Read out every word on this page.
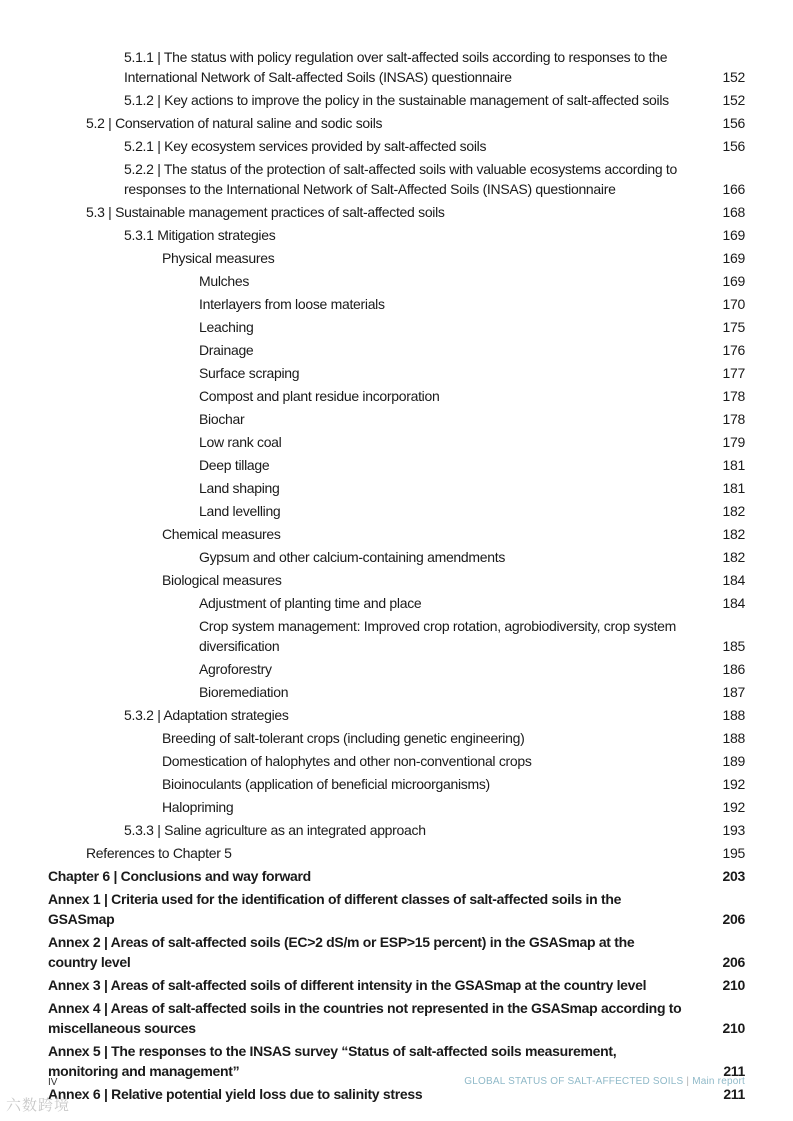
5.1.1 | The status with policy regulation over salt-affected soils according to responses to the International Network of Salt-affected Soils (INSAS) questionnaire	152
5.1.2 | Key actions to improve the policy in the sustainable management of salt-affected soils	152
5.2 | Conservation of natural saline and sodic soils	156
5.2.1 | Key ecosystem services provided by salt-affected soils	156
5.2.2 | The status of the protection of salt-affected soils with valuable ecosystems according to responses to the International Network of Salt-Affected Soils (INSAS) questionnaire	166
5.3 | Sustainable management practices of salt-affected soils	168
5.3.1 Mitigation strategies	169
Physical measures	169
Mulches	169
Interlayers from loose materials	170
Leaching	175
Drainage	176
Surface scraping	177
Compost and plant residue incorporation	178
Biochar	178
Low rank coal	179
Deep tillage	181
Land shaping	181
Land levelling	182
Chemical measures	182
Gypsum and other calcium-containing amendments	182
Biological measures	184
Adjustment of planting time and place	184
Crop system management: Improved crop rotation, agrobiodiversity, crop system diversification	185
Agroforestry	186
Bioremediation	187
5.3.2 | Adaptation strategies	188
Breeding of salt-tolerant crops (including genetic engineering)	188
Domestication of halophytes and other non-conventional crops	189
Bioinoculants (application of beneficial microorganisms)	192
Halopriming	192
5.3.3 | Saline agriculture as an integrated approach	193
References to Chapter 5	195
Chapter 6 | Conclusions and way forward	203
Annex 1 | Criteria used for the identification of different classes of salt-affected soils in the GSASmap	206
Annex 2 | Areas of salt-affected soils (EC>2 dS/m or ESP>15 percent) in the GSASmap at the country level	206
Annex 3 | Areas of salt-affected soils of different intensity in the GSASmap at the country level	210
Annex 4 | Areas of salt-affected soils in the countries not represented in the GSASmap according to miscellaneous sources	210
Annex 5 | The responses to the INSAS survey “Status of salt-affected soils measurement, monitoring and management”	211
Annex 6 | Relative potential yield loss due to salinity stress	211
IV	GLOBAL STATUS OF SALT-AFFECTED SOILS | Main report
六数跨境
